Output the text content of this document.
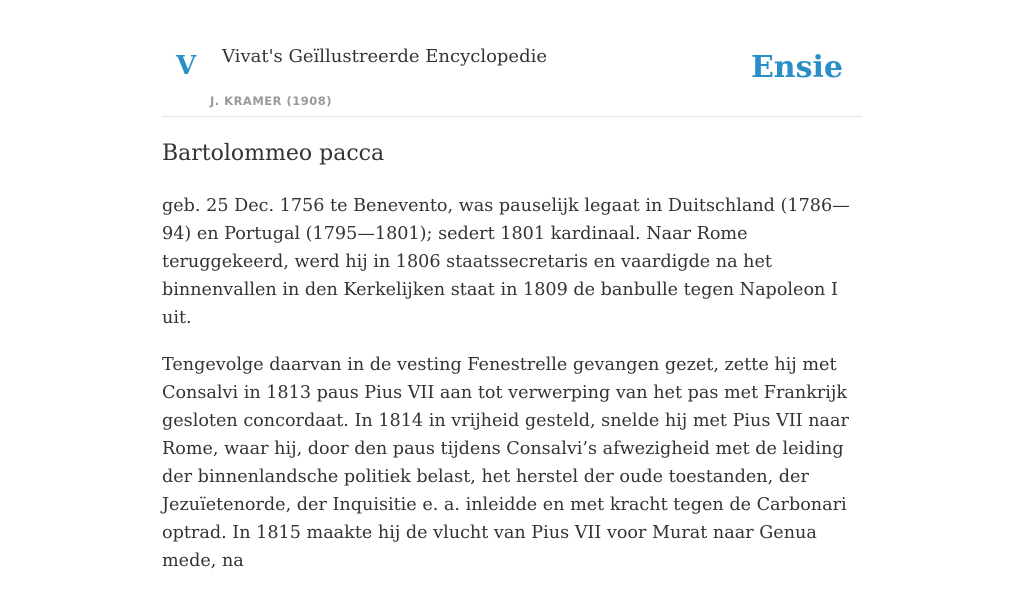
V Vivat's Geïllustreerde Encyclopedie
J. KRAMER (1908)
Ensie
Bartolommeo pacca

geb. 25 Dec. 1756 te Benevento, was pauselijk legaat in Duitschland (1786—94) en Portugal (1795—1801); sedert 1801 kardinaal. Naar Rome teruggekeerd, werd hij in 1806 staatssecretaris en vaardigde na het binnenvallen in den Kerkelijken staat in 1809 de banbulle tegen Napoleon I uit.

Tengevolge daarvan in de vesting Fenestrelle gevangen gezet, zette hij met Consalvi in 1813 paus Pius VII aan tot verwerping van het pas met Frankrijk gesloten concordaat. In 1814 in vrijheid gesteld, snelde hij met Pius VII naar Rome, waar hij, door den paus tijdens Consalvi’s afwezigheid met de leiding der binnenlandsche politiek belast, het herstel der oude toestanden, der Jezuïetenorde, der Inquisitie e. a. inleidde en met kracht tegen de Carbonari optrad. In 1815 maakte hij de vlucht van Pius VII voor Murat naar Genua mede, na
